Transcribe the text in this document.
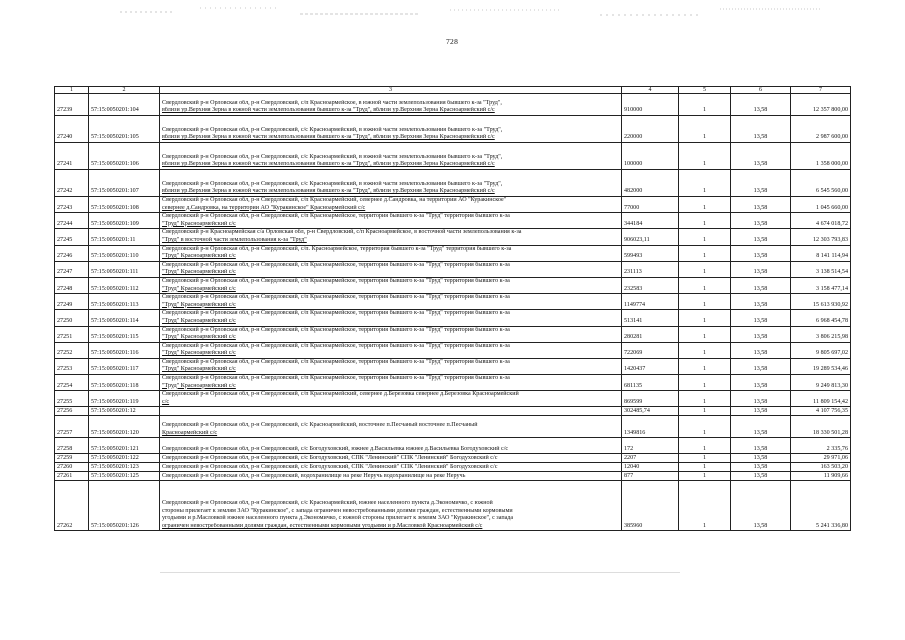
728
1	2	3	4	5	6	7
27239	57:15:0050201:104	Свердловский р-н Орловская обл, р-н Свердловский, с/п Красноармейское, в южной части землепользования бывшего к-за "Труд",
вблизи ур.Верхняя Зерна в южной части землепользования бывшего к-за "Труд", вблизи ур.Верхняя Зерна Красноармейский с/с	910000	1	13,58	12 357 800,00
27240	57:15:0050201:105	Свердловский р-н Орловская обл, р-н Свердловский, с/с Красноармейский, в южной части землепользования бывшего к-за "Труд",
вблизи ур.Верхняя Зерна в южной части землепользования бывшего к-за "Труд", вблизи ур.Верхняя Зерна Красноармейский с/с	220000	1	13,58	2 987 600,00
27241	57:15:0050201:106	Свердловский р-н Орловская обл, р-н Свердловский, с/с Красноармейский, в южной части землепользования бывшего к-за "Труд",
вблизи ур.Верхняя Зерна в южной части землепользования бывшего к-за "Труд", вблизи ур.Верхняя Зерна Красноармейский с/с	100000	1	13,58	1 358 000,00
27242	57:15:0050201:107	Свердловский р-н Орловская обл, р-н Свердловский, с/с Красноармейский, в южной части землепользования бывшего к-за "Труд",
вблизи ур.Верхняя Зерна в южной части землепользования бывшего к-за "Труд", вблизи ур.Верхняя Зерна Красноармейский с/с	482000	1	13,58	6 545 560,00
27243	57:15:0050201:108	Свердловский р-н Орловская обл, р-н Свердловский, с/п Красноармейский, севернее д.Сандровка, на территории АО "Куракинское"
севернее д.Сандровка, на территории АО "Куракинское" Красноармейский с/с	77000	1	13,58	1 045 660,00
27244	57:15:0050201:109	Свердловский р-н Орловская обл, р-н Свердловский, с/п Красноармейское, территория бывшего к-за "Труд" территория бывшего к-за
"Труд" Красноармейский с/с	344184	1	13,58	4 674 018,72
27245	57:15:0050201:11	Свердловский р-н Красноармейская с/а Орловская обл, р-н Свердловский, с/п Красноармейское, в восточной части землепользования к-за
"Труд" в восточной части землепользования к-за "Труд"	906023,11	1	13,58	12 303 793,83
27246	57:15:0050201:110	Свердловский р-н Орловская обл, р-н Свердловский, с/п. Красноармейское, территория бывшего к-за "Труд" территория бывшего к-за
"Труд" Красноармейский с/с	599493	1	13,58	8 141 114,94
27247	57:15:0050201:111	Свердловский р-н Орловская обл, р-н Свердловский, с/п Красноармейское, территория бывшего к-за "Труд" территория бывшего к-за
"Труд" Красноармейский с/с	231113	1	13,58	3 138 514,54
27248	57:15:0050201:112	Свердловский р-н Орловская обл, р-н Свердловский, с/п Красноармейское, территория бывшего к-за "Труд" территория бывшего к-за
"Труд" Красноармейский с/с	232583	1	13,58	3 158 477,14
27249	57:15:0050201:113	Свердловский р-н Орловская обл, р-н Свердловский, с/п Красноармейское, территория бывшего к-за "Труд" территория бывшего к-за
"Труд" Красноармейский с/с	1149774	1	13,58	15 613 930,92
27250	57:15:0050201:114	Свердловский р-н Орловская обл, р-н Свердловский, с/п Красноармейское, территория бывшего к-за "Труд" территория бывшего к-за
"Труд" Красноармейский с/с	513141	1	13,58	6 968 454,78
27251	57:15:0050201:115	Свердловский р-н Орловская обл, р-н Свердловский, с/п Красноармейское, территория бывшего к-за "Труд" территория бывшего к-за
"Труд" Красноармейский с/с	280281	1	13,58	3 806 215,98
27252	57:15:0050201:116	Свердловский р-н Орловская обл, р-н Свердловский, с/п Красноармейское, территория бывшего к-за "Труд" территория бывшего к-за
"Труд" Красноармейский с/с	722069	1	13,58	9 805 697,02
27253	57:15:0050201:117	Свердловский р-н Орловская обл, р-н Свердловский, с/п Красноармейское, территория бывшего к-за "Труд" территория бывшего к-за
"Труд" Красноармейский с/с	1420437	1	13,58	19 289 534,46
27254	57:15:0050201:118	Свердловский р-н Орловская обл, р-н Свердловский, с/п Красноармейское, территория бывшего к-за "Труд" территория бывшего к-за
"Труд" Красноармейский с/с	681135	1	13,58	9 249 813,30
27255	57:15:0050201:119	Свердловский р-н Орловская обл, р-н Свердловский, с/п Красноармейский, севернее д.Березовка севернее д.Березовка Красноармейский
с/с	869599	1	13,58	11 809 154,42
27256	57:15:0050201:12		302485,74	1	13,58	4 107 756,35
27257	57:15:0050201:120	Свердловский р-н Орловская обл, р-н Свердловский, с/с Красноармейский, восточнее п.Песчаный восточнее п.Песчаный
Красноармейский с/с	1349816	1	13,58	18 330 501,28
27258	57:15:0050201:121	Свердловский р-н Орловская обл, р-н Свердловский, с/с Богодуховский, южнее д.Васильевка южнее д.Васильевка Богодуховский с/с	172	1	13,58	2 335,76
27259	57:15:0050201:122	Свердловский р-н Орловская обл, р-н Свердловский, с/с Богодуховский, СПК "Ленинский" СПК "Ленинский" Богодуховский с/с	2207	1	13,58	29 971,06
27260	57:15:0050201:123	Свердловский р-н Орловская обл, р-н Свердловский, с/с Богодуховский, СПК "Ленинский" СПК "Ленинский" Богодуховский с/с	12040	1	13,58	163 503,20
27261	57:15:0050201:125	Свердловский р-н Орловская обл, р-н Свердловский, водохранилище на реке Неручь водохранилище на реке Неручь	877	1	13,58	11 909,66
27262	57:15:0050201:126	Свердловский р-н Орловская обл, р-н Свердловский, с/с Красноармейский, южнее населенного пункта д.Экономичко, с южной
стороны прилегает к землям ЗАО "Куракинское", с запада ограничен невостребованными долями граждан, естественными кормовыми
угодьями и р.Масловкой южнее населенного пункта д.Экономичко, с южной стороны прилегает к землям ЗАО "Куракинское", с запада
ограничен невостребованными долями граждан, естественными кормовыми угодьями и р.Масловкой Красноармейский с/с	385960	1	13,58	5 241 336,80
